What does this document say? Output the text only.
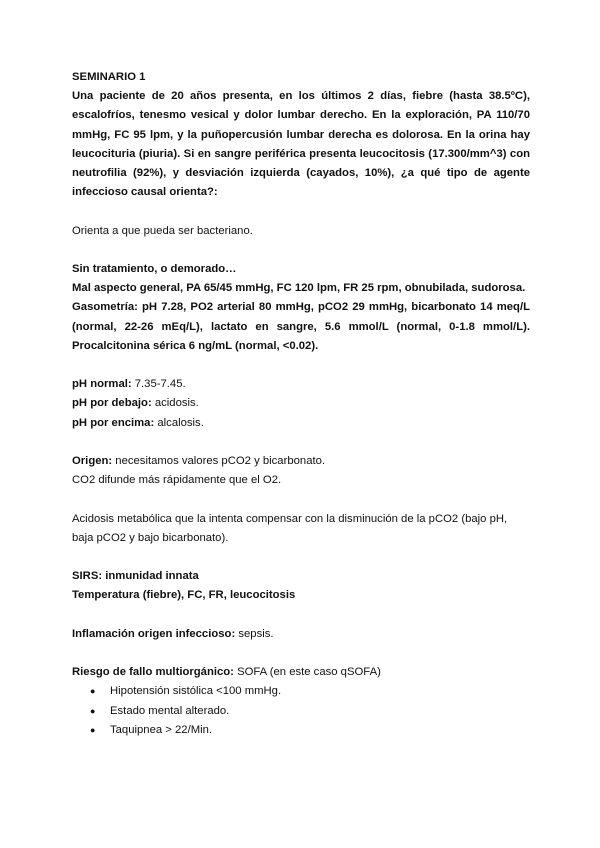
SEMINARIO 1

Una paciente de 20 años presenta, en los últimos 2 días, fiebre (hasta 38.5ºC), escalofríos, tenesmo vesical y dolor lumbar derecho. En la exploración, PA 110/70 mmHg, FC 95 lpm, y la puñopercusión lumbar derecha es dolorosa. En la orina hay leucocituria (piuria). Si en sangre periférica presenta leucocitosis (17.300/mm^3) con neutrofilia (92%), y desviación izquierda (cayados, 10%), ¿a qué tipo de agente infeccioso causal orienta?:

Orienta a que pueda ser bacteriano.

Sin tratamiento, o demorado…

Mal aspecto general, PA 65/45 mmHg, FC 120 lpm, FR 25 rpm, obnubilada, sudorosa.

Gasometría: pH 7.28, PO2 arterial 80 mmHg, pCO2 29 mmHg, bicarbonato 14 meq/L (normal, 22-26 mEq/L), lactato en sangre, 5.6 mmol/L (normal, 0-1.8 mmol/L). Procalcitonina sérica 6 ng/mL (normal, <0.02).

pH normal: 7.35-7.45.

pH por debajo: acidosis.

pH por encima: alcalosis.

Origen: necesitamos valores pCO2 y bicarbonato.

CO2 difunde más rápidamente que el O2.

Acidosis metabólica que la intenta compensar con la disminución de la pCO2 (bajo pH, baja pCO2 y bajo bicarbonato).

SIRS: inmunidad innata

Temperatura (fiebre), FC, FR, leucocitosis

Inflamación origen infeccioso: sepsis.

Riesgo de fallo multiorgánico: SOFA (en este caso qSOFA)

● Hipotensión sistólica <100 mmHg.
● Estado mental alterado.
● Taquipnea > 22/Min.
